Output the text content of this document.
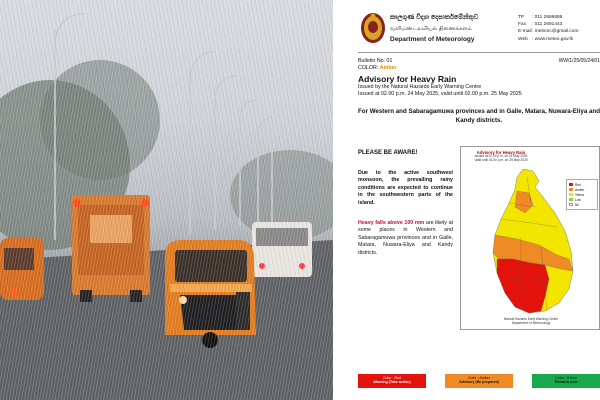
කාලගුණ විද්‍යා දෙපාර්තමේන්තුව
வளிமண்டலவியல் திணைக்களம்
Department of Meteorology
TP : 011 2686686
Fax : 011 2691443
E-mail: metnmc@gmail.com
Web : www.meteo.gov.lk
Bulletin No: 01	WW/1/25/05/24/01
COLOR: Amber
Advisory for Heavy Rain
Issued by the Natural Hazards Early Warning Centre
Issued at 02.00 p.m. 24 May 2025, valid until 02.00 p.m. 25 May 2025
For Western and Sabaragamuwa provinces and in Galle, Matara, Nuwara-Eliya and Kandy districts.
PLEASE BE AWARE!
Due to the active southwest monsoon, the prevailing rainy conditions are expected to continue in the southwestern parts of the island.
Heavy falls above 100 mm are likely at some places in Western and Sabaragamuwa provinces and in Galle, Matara, Nuwara-Eliya and Kandy districts.
Advisory for Heavy Rain
Issued at 02.00 p.m. on 24 May 2025
Valid until 02.00 p.m. on 25 May 2025
Red
Amber
Yellow
Low
Nil
Natural Hazards Early Warning Centre
Department of Meteorology
Color : Red
Warning (Take action)
Color : Amber
Advisory (Be prepared)
Color : Green
Threat is over
